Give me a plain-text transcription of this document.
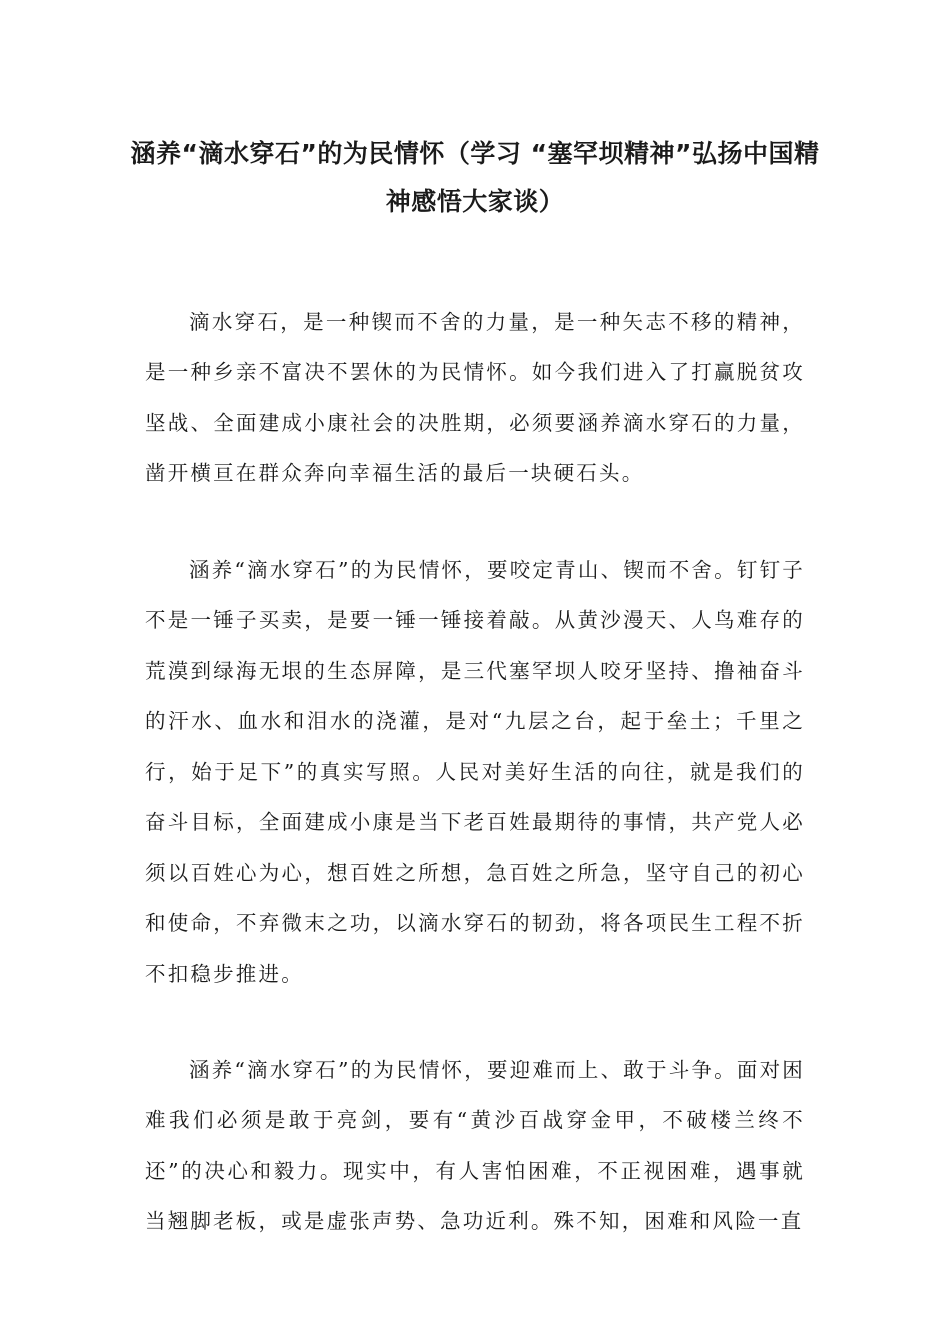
涵养“滴水穿石”的为民情怀（学习 “塞罕坝精神”弘扬中国精神感悟大家谈）

滴水穿石，是一种锲而不舍的力量，是一种矢志不移的精神，是一种乡亲不富决不罢休的为民情怀。如今我们进入了打赢脱贫攻坚战、全面建成小康社会的决胜期，必须要涵养滴水穿石的力量，凿开横亘在群众奔向幸福生活的最后一块硬石头。

涵养“滴水穿石”的为民情怀，要咬定青山、锲而不舍。钉钉子不是一锤子买卖，是要一锤一锤接着敲。从黄沙漫天、人鸟难存的荒漠到绿海无垠的生态屏障，是三代塞罕坝人咬牙坚持、撸袖奋斗的汗水、血水和泪水的浇灌，是对“九层之台，起于垒土；千里之行，始于足下”的真实写照。人民对美好生活的向往，就是我们的奋斗目标，全面建成小康是当下老百姓最期待的事情，共产党人必须以百姓心为心，想百姓之所想，急百姓之所急，坚守自己的初心和使命，不弃微末之功，以滴水穿石的韧劲，将各项民生工程不折不扣稳步推进。

涵养“滴水穿石”的为民情怀，要迎难而上、敢于斗争。面对困难我们必须是敢于亮剑，要有“黄沙百战穿金甲，不破楼兰终不还”的决心和毅力。现实中，有人害怕困难，不正视困难，遇事就当翘脚老板，或是虚张声势、急功近利。殊不知，困难和风险一直
